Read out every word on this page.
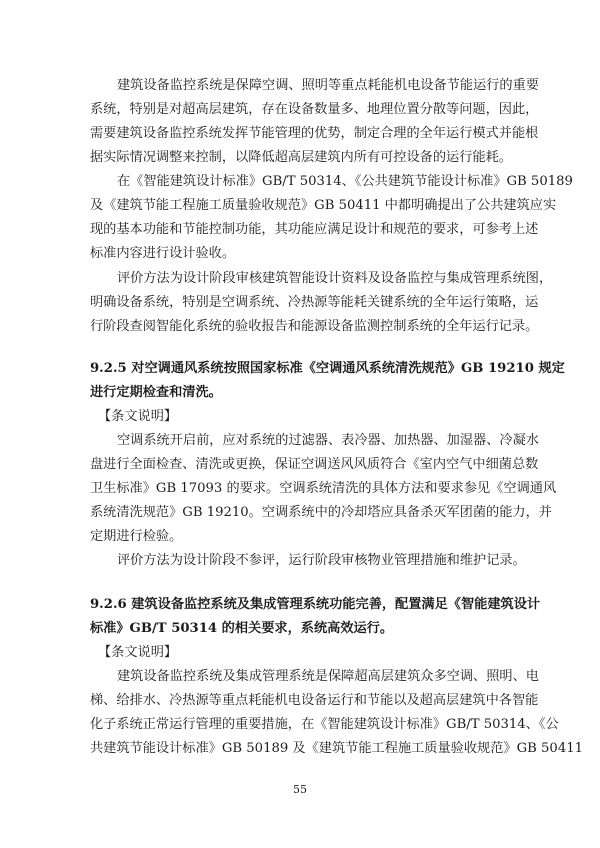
建筑设备监控系统是保障空调、照明等重点耗能机电设备节能运行的重要
系统，特别是对超高层建筑，存在设备数量多、地理位置分散等问题，因此，
需要建筑设备监控系统发挥节能管理的优势，制定合理的全年运行模式并能根
据实际情况调整来控制，以降低超高层建筑内所有可控设备的运行能耗。
在《智能建筑设计标准》GB/T 50314、《公共建筑节能设计标准》GB 50189
及《建筑节能工程施工质量验收规范》GB 50411 中都明确提出了公共建筑应实
现的基本功能和节能控制功能，其功能应满足设计和规范的要求，可参考上述
标准内容进行设计验收。
评价方法为设计阶段审核建筑智能设计资料及设备监控与集成管理系统图，
明确设备系统，特别是空调系统、冷热源等能耗关键系统的全年运行策略，运
行阶段查阅智能化系统的验收报告和能源设备监测控制系统的全年运行记录。
9.2.5 对空调通风系统按照国家标准《空调通风系统清洗规范》GB 19210 规定
进行定期检查和清洗。
【条文说明】
空调系统开启前，应对系统的过滤器、表冷器、加热器、加湿器、冷凝水
盘进行全面检查、清洗或更换，保证空调送风风质符合《室内空气中细菌总数
卫生标准》GB 17093 的要求。空调系统清洗的具体方法和要求参见《空调通风
系统清洗规范》GB 19210。空调系统中的冷却塔应具备杀灭军团菌的能力，并
定期进行检验。
评价方法为设计阶段不参评，运行阶段审核物业管理措施和维护记录。
9.2.6 建筑设备监控系统及集成管理系统功能完善，配置满足《智能建筑设计
标准》GB/T 50314 的相关要求，系统高效运行。
【条文说明】
建筑设备监控系统及集成管理系统是保障超高层建筑众多空调、照明、电
梯、给排水、冷热源等重点耗能机电设备运行和节能以及超高层建筑中各智能
化子系统正常运行管理的重要措施，在《智能建筑设计标准》GB/T 50314、《公
共建筑节能设计标准》GB 50189 及《建筑节能工程施工质量验收规范》GB 50411
55
